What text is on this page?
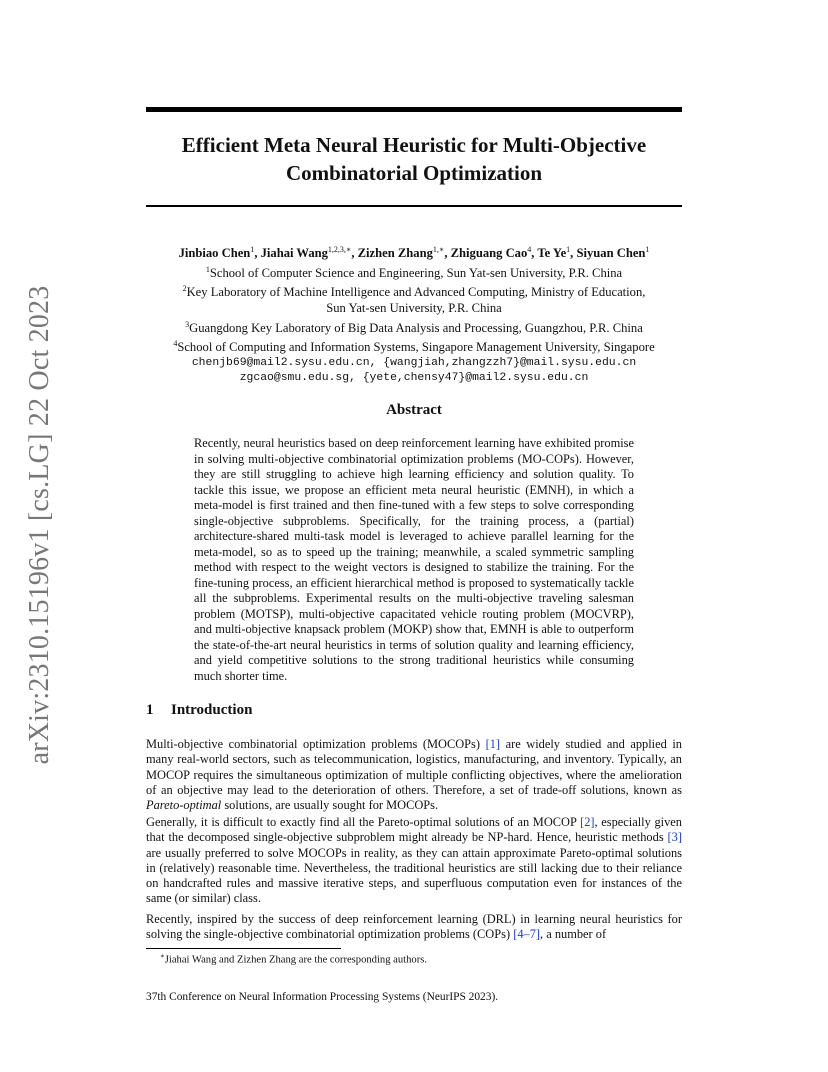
arXiv:2310.15196v1 [cs.LG] 22 Oct 2023
Efficient Meta Neural Heuristic for Multi-Objective
Combinatorial Optimization
Jinbiao Chen$^1$, Jiahai Wang$^{1,2,3,∗}$, Zizhen Zhang$^{1,∗}$, Zhiguang Cao$^4$, Te Ye$^1$, Siyuan Chen$^1$
$^1$School of Computer Science and Engineering, Sun Yat-sen University, P.R. China
$^2$Key Laboratory of Machine Intelligence and Advanced Computing, Ministry of Education,
Sun Yat-sen University, P.R. China
$^3$Guangdong Key Laboratory of Big Data Analysis and Processing, Guangzhou, P.R. China
$^4$School of Computing and Information Systems, Singapore Management University, Singapore
chenjb69@mail2.sysu.edu.cn, {wangjiah,zhangzzh7}@mail.sysu.edu.cn
zgcao@smu.edu.sg, {yete,chensy47}@mail2.sysu.edu.cn
Abstract
Recently, neural heuristics based on deep reinforcement learning have exhibited promise in solving multi-objective combinatorial optimization problems (MO-COPs). However, they are still struggling to achieve high learning efficiency and solution quality. To tackle this issue, we propose an efficient meta neural heuristic (EMNH), in which a meta-model is first trained and then fine-tuned with a few steps to solve corresponding single-objective subproblems. Specifically, for the training process, a (partial) architecture-shared multi-task model is leveraged to achieve parallel learning for the meta-model, so as to speed up the training; meanwhile, a scaled symmetric sampling method with respect to the weight vectors is designed to stabilize the training. For the fine-tuning process, an efficient hierarchical method is proposed to systematically tackle all the subproblems. Experimental results on the multi-objective traveling salesman problem (MOTSP), multi-objective capacitated vehicle routing problem (MOCVRP), and multi-objective knapsack problem (MOKP) show that, EMNH is able to outperform the state-of-the-art neural heuristics in terms of solution quality and learning efficiency, and yield competitive solutions to the strong traditional heuristics while consuming much shorter time.
1 Introduction
Multi-objective combinatorial optimization problems (MOCOPs) [1] are widely studied and applied in many real-world sectors, such as telecommunication, logistics, manufacturing, and inventory. Typically, an MOCOP requires the simultaneous optimization of multiple conflicting objectives, where the amelioration of an objective may lead to the deterioration of others. Therefore, a set of trade-off solutions, known as Pareto-optimal solutions, are usually sought for MOCOPs.
Generally, it is difficult to exactly find all the Pareto-optimal solutions of an MOCOP [2], especially given that the decomposed single-objective subproblem might already be NP-hard. Hence, heuristic methods [3] are usually preferred to solve MOCOPs in reality, as they can attain approximate Pareto-optimal solutions in (relatively) reasonable time. Nevertheless, the traditional heuristics are still lacking due to their reliance on handcrafted rules and massive iterative steps, and superfluous computation even for instances of the same (or similar) class.
Recently, inspired by the success of deep reinforcement learning (DRL) in learning neural heuristics for solving the single-objective combinatorial optimization problems (COPs) [4–7], a number of
∗Jiahai Wang and Zizhen Zhang are the corresponding authors.
37th Conference on Neural Information Processing Systems (NeurIPS 2023).
